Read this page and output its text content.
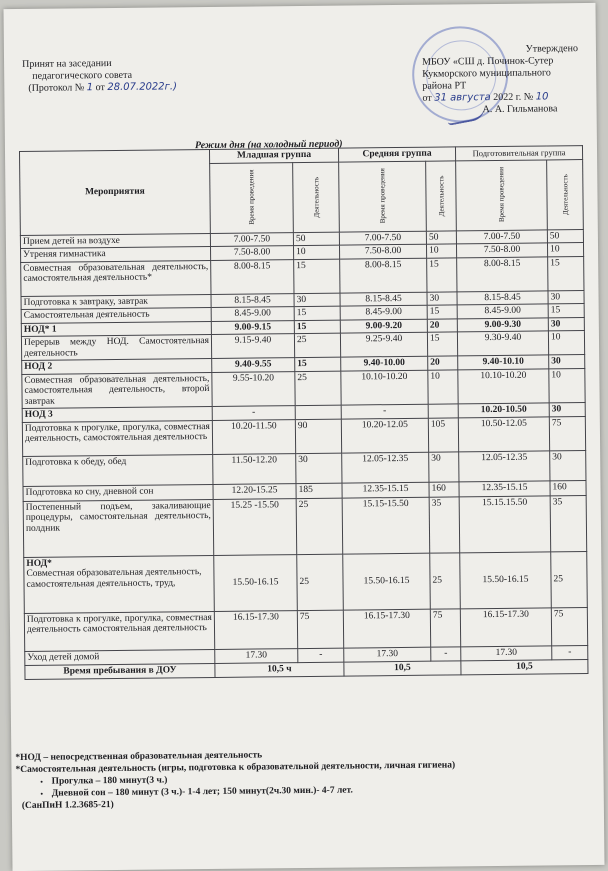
Принят на заседании
педагогического совета
(Протокол № 1 от 28.07.2022г.)
Утверждено
МБОУ «СШ д. Починок-Сутер
Кукморского муниципального
района РТ
от 31 августа 2022 г. № 10
А. А. Гильманова
Режим дня (на холодный период)
Мероприятия	Младшая группа		Средняя группа		Подготовительная группа	

	Время проведения	Деятельность	Время проведения	Деятельность	Время проведения	Деятельность

Прием детей на воздухе	7.00-7.50	50	7.00-7.50	50	7.00-7.50	50
Утреняя гимнастика	7.50-8.00	10	7.50-8.00	10	7.50-8.00	10
Совместная образовательная деятельность, самостоятельная деятельность*	8.00-8.15	15	8.00-8.15	15	8.00-8.15	15
Подготовка к завтраку, завтрак	8.15-8.45	30	8.15-8.45	30	8.15-8.45	30
Самостоятельная деятельность	8.45-9.00	15	8.45-9.00	15	8.45-9.00	15
НОД* 1	9.00-9.15	15	9.00-9.20	20	9.00-9.30	30
Перерыв между НОД. Самостоятельная деятельность	9.15-9.40	25	9.25-9.40	15	9.30-9.40	10
НОД 2	9.40-9.55	15	9.40-10.00	20	9.40-10.10	30
Совместная образовательная деятельность, самостоятельная деятельность, второй завтрак	9.55-10.20	25	10.10-10.20	10	10.10-10.20	10
НОД 3	-		-		10.20-10.50	30
Подготовка к прогулке, прогулка, совместная деятельность, самостоятельная деятельность	10.20-11.50	90	10.20-12.05	105	10.50-12.05	75
Подготовка к обеду, обед	11.50-12.20	30	12.05-12.35	30	12.05-12.35	30
Подготовка ко сну, дневной сон	12.20-15.25	185	12.35-15.15	160	12.35-15.15	160
Постепенный подъем, закаливающие процедуры, самостоятельная деятельность, полдник	15.25 -15.50	25	15.15-15.50	35	15.15.15.50	35

НОД*
Совместная образовательная деятельность, самостоятельная деятельность, труд,	15.50-16.15	25	15.50-16.15	25	15.50-16.15	25
Подготовка к прогулке, прогулка, совместная деятельность самостоятельная деятельность	16.15-17.30	75	16.15-17.30	75	16.15-17.30	75
Уход детей домой	17.30	-	17.30	-	17.30	-
Время пребывания в ДОУ	10,5 ч		10,5		10,5	
*НОД – непосредственная образовательная деятельность
*Самостоятельная деятельность (игры, подготовка к образовательной деятельности, личная гигиена)
• Прогулка – 180 минут(3 ч.)
• Дневной сон – 180 минут (3 ч.)- 1-4 лет; 150 минут(2ч.30 мин.)- 4-7 лет.
(СанПиН 1.2.3685-21)
